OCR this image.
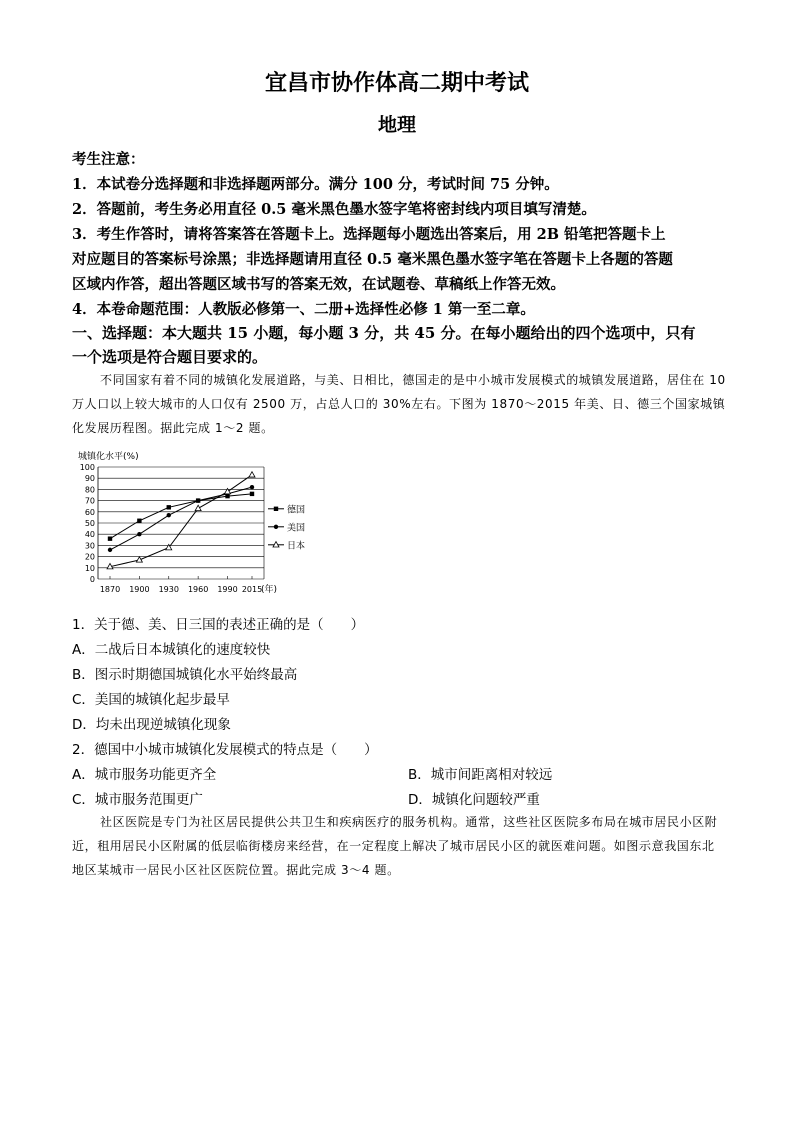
宜昌市协作体高二期中考试
地理
考生注意：
1．本试卷分选择题和非选择题两部分。满分 100 分，考试时间 75 分钟。
2．答题前，考生务必用直径 0.5 毫米黑色墨水签字笔将密封线内项目填写清楚。
3．考生作答时，请将答案答在答题卡上。选择题每小题选出答案后，用 2B 铅笔把答题卡上
对应题目的答案标号涂黑；非选择题请用直径 0.5 毫米黑色墨水签字笔在答题卡上各题的答题
区域内作答，超出答题区域书写的答案无效，在试题卷、草稿纸上作答无效。
4．本卷命题范围：人教版必修第一、二册+选择性必修 1 第一至二章。
一、选择题：本大题共 15 小题，每小题 3 分，共 45 分。在每小题给出的四个选项中，只有
一个选项是符合题目要求的。
不同国家有着不同的城镇化发展道路，与美、日相比，德国走的是中小城市发展模式的城镇发展道路，居住在 10 万人口以上较大城市的人口仅有 2500 万，占总人口的 30%左右。下图为 1870～2015 年美、日、德三个国家城镇化发展历程图。据此完成 1～2 题。
城镇化水平(%)
0
10
20
30
40
50
60
70
80
90
100
1870 1900 1930 1960 1990 2015
德国
美国
日本
(年)
1．关于德、美、日三国的表述正确的是（　　）
A．二战后日本城镇化的速度较快
B．图示时期德国城镇化水平始终最高
C．美国的城镇化起步最早
D．均未出现逆城镇化现象
2．德国中小城市城镇化发展模式的特点是（　　）
A．城市服务功能更齐全	B．城市间距离相对较远
C．城市服务范围更广	D．城镇化问题较严重
社区医院是专门为社区居民提供公共卫生和疾病医疗的服务机构。通常，这些社区医院多布局在城市居民小区附近，租用居民小区附属的低层临街楼房来经营，在一定程度上解决了城市居民小区的就医难问题。如图示意我国东北地区某城市一居民小区社区医院位置。据此完成 3～4 题。
